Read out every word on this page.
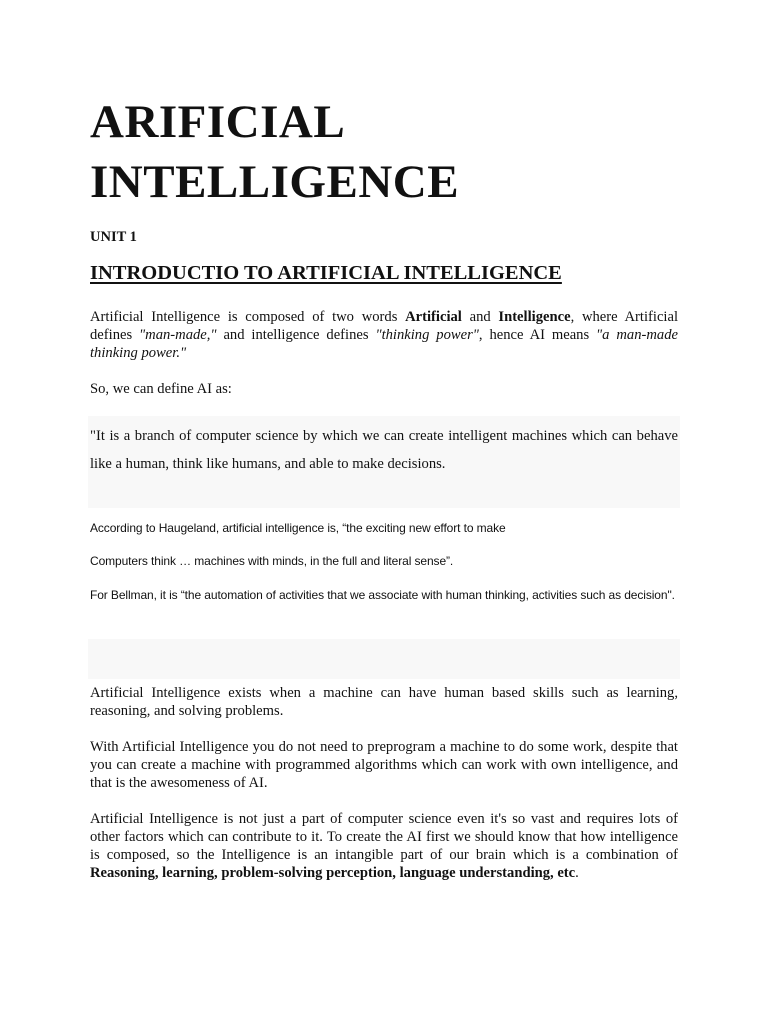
ARIFICIAL
INTELLIGENCE
UNIT 1
INTRODUCTIO TO ARTIFICIAL INTELLIGENCE
Artificial Intelligence is composed of two words Artificial and Intelligence, where Artificial defines "man-made," and intelligence defines "thinking power", hence AI means "a man-made thinking power."
So, we can define AI as:
"It is a branch of computer science by which we can create intelligent machines which can behave like a human, think like humans, and able to make decisions.
According to Haugeland, artificial intelligence is, “the exciting new effort to make
Computers think … machines with minds, in the full and literal sense”.
For Bellman, it is “the automation of activities that we associate with human thinking, activities such as decision".
Artificial Intelligence exists when a machine can have human based skills such as learning, reasoning, and solving problems.
With Artificial Intelligence you do not need to preprogram a machine to do some work, despite that you can create a machine with programmed algorithms which can work with own intelligence, and that is the awesomeness of AI.
Artificial Intelligence is not just a part of computer science even it's so vast and requires lots of other factors which can contribute to it. To create the AI first we should know that how intelligence is composed, so the Intelligence is an intangible part of our brain which is a combination of Reasoning, learning, problem-solving perception, language understanding, etc.
